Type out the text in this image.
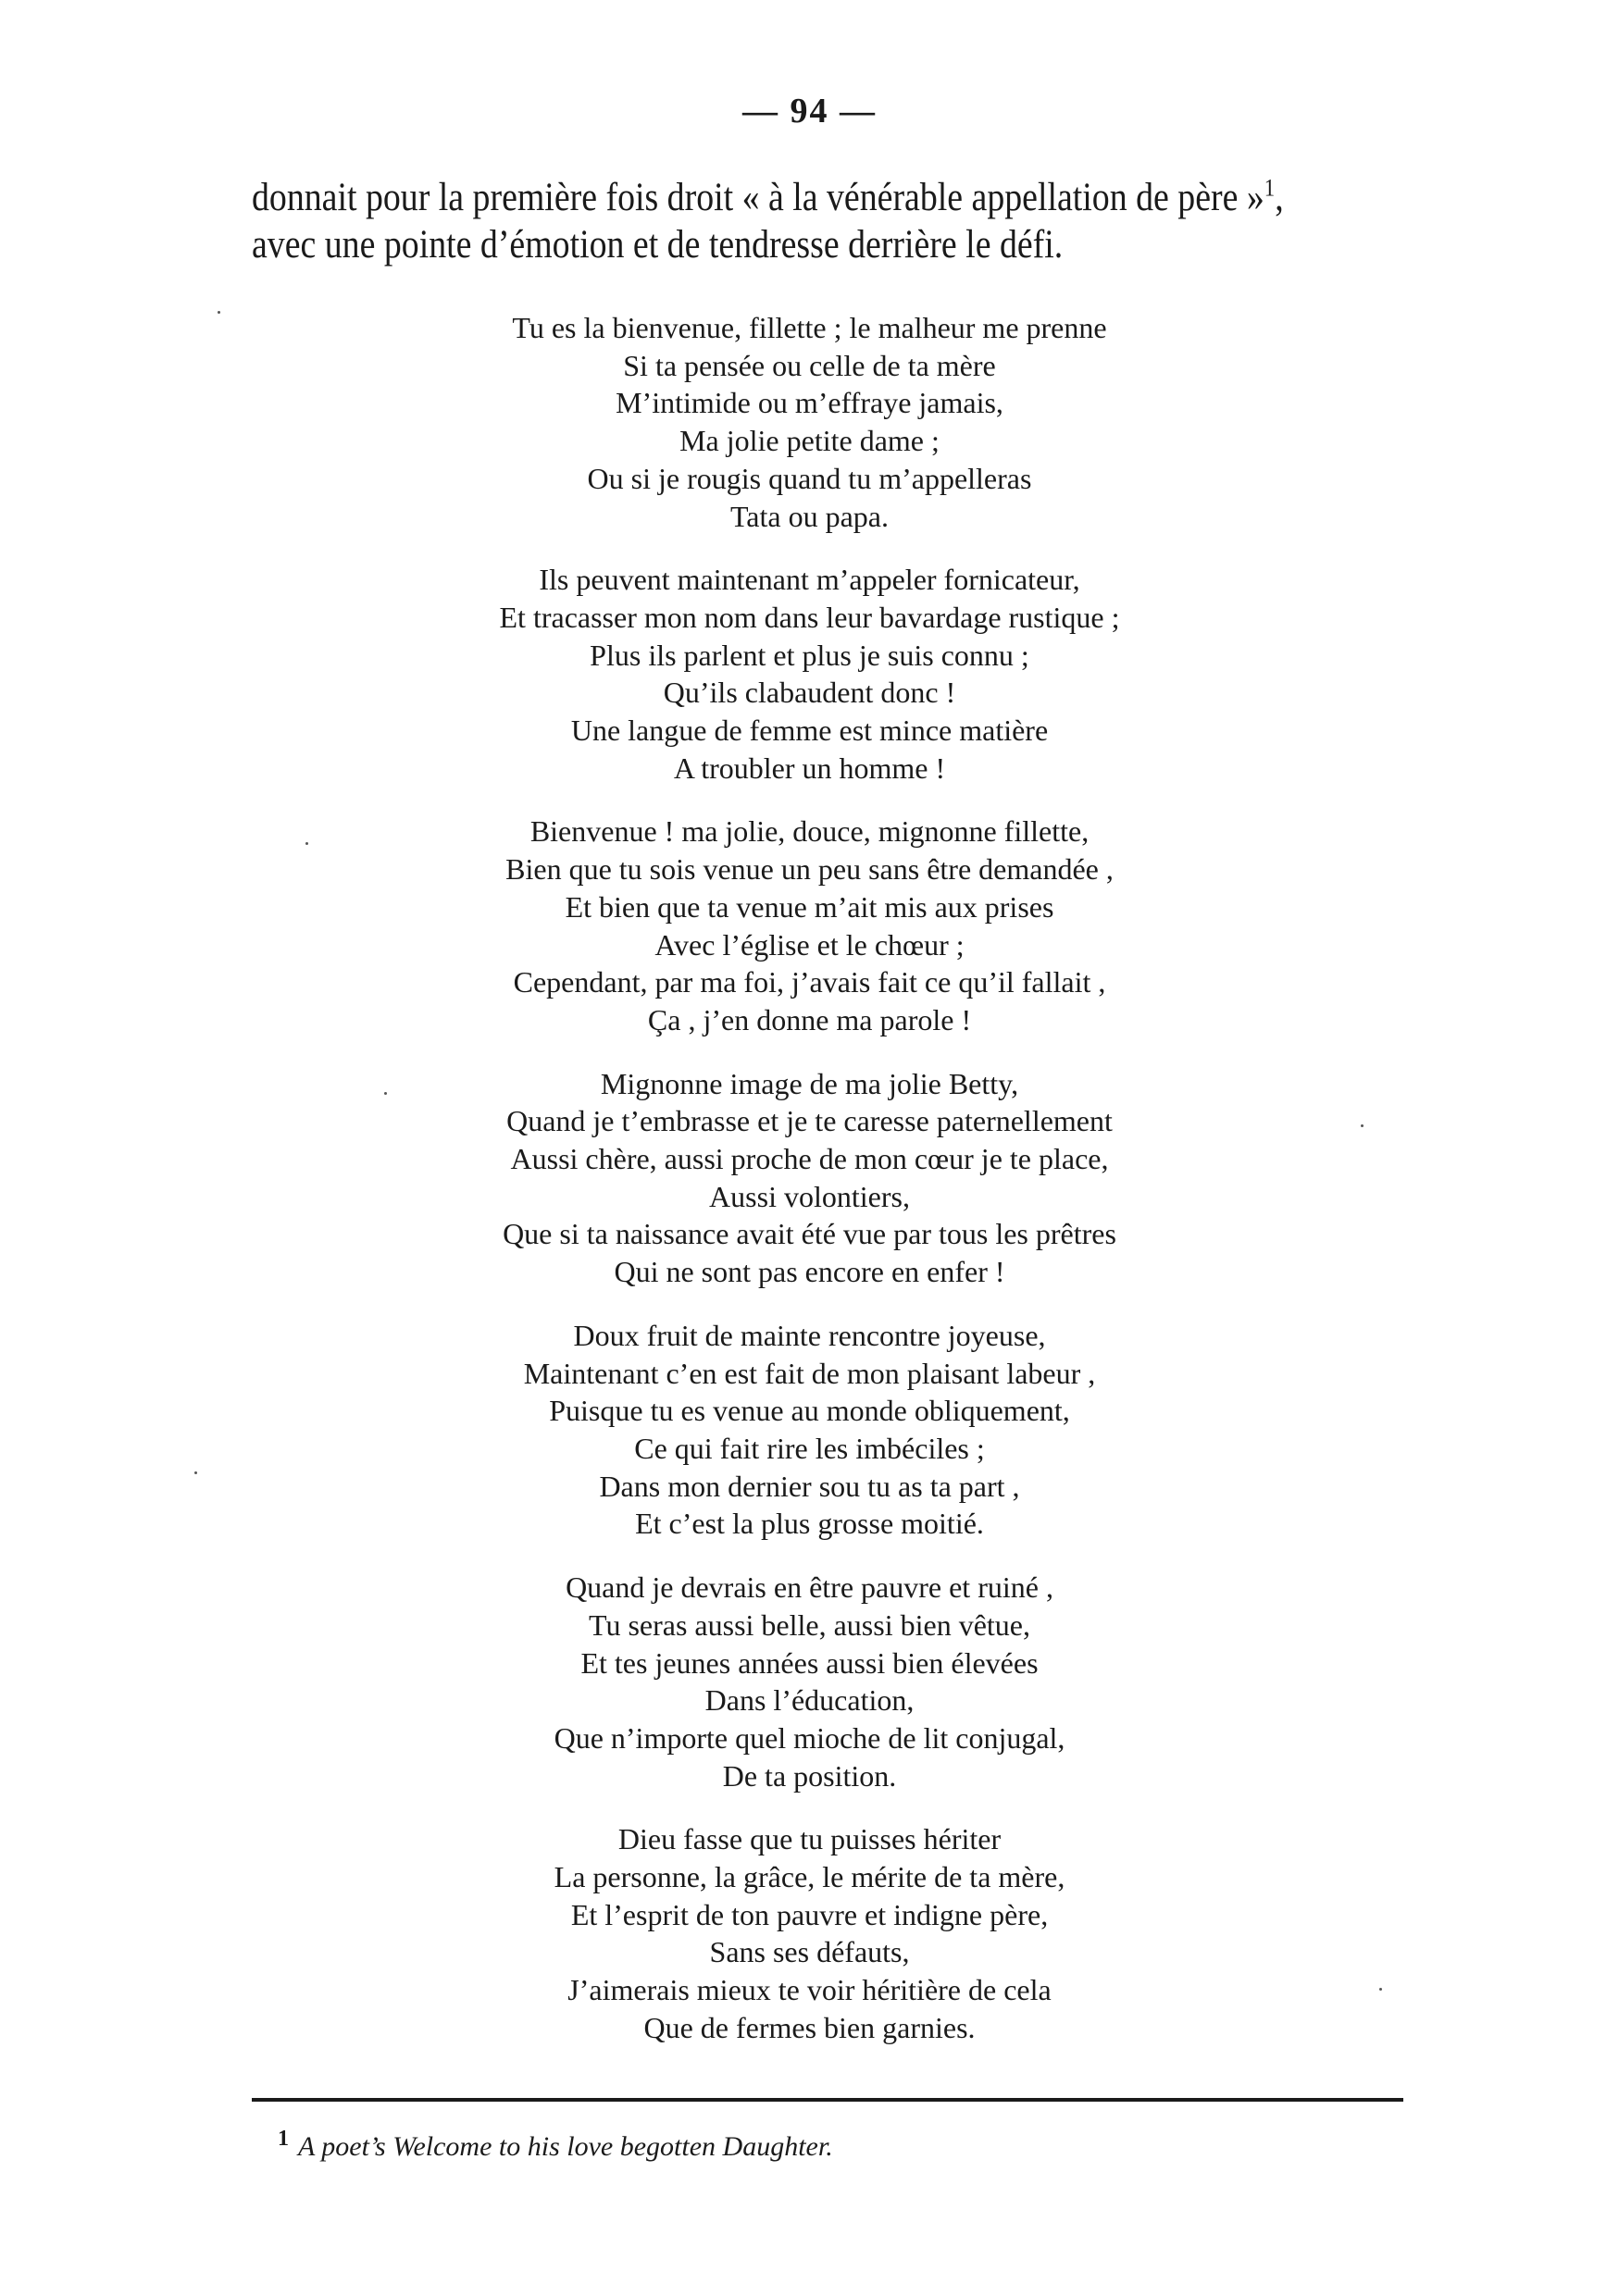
— 94 —
donnait pour la première fois droit « à la vénérable appellation de père »$^1$,
avec une pointe d’émotion et de tendresse derrière le défi.
Tu es la bienvenue, fillette ; le malheur me prenne
Si ta pensée ou celle de ta mère
M’intimide ou m’effraye jamais,
Ma jolie petite dame ;
Ou si je rougis quand tu m’appelleras
Tata ou papa.
Ils peuvent maintenant m’appeler fornicateur,
Et tracasser mon nom dans leur bavardage rustique ;
Plus ils parlent et plus je suis connu ;
Qu’ils clabaudent donc !
Une langue de femme est mince matière
A troubler un homme !
Bienvenue ! ma jolie, douce, mignonne fillette,
Bien que tu sois venue un peu sans être demandée ,
Et bien que ta venue m’ait mis aux prises
Avec l’église et le chœur ;
Cependant, par ma foi, j’avais fait ce qu’il fallait ,
Ça , j’en donne ma parole !
Mignonne image de ma jolie Betty,
Quand je t’embrasse et je te caresse paternellement
Aussi chère, aussi proche de mon cœur je te place,
Aussi volontiers,
Que si ta naissance avait été vue par tous les prêtres
Qui ne sont pas encore en enfer !
Doux fruit de mainte rencontre joyeuse,
Maintenant c’en est fait de mon plaisant labeur ,
Puisque tu es venue au monde obliquement,
Ce qui fait rire les imbéciles ;
Dans mon dernier sou tu as ta part ,
Et c’est la plus grosse moitié.
Quand je devrais en être pauvre et ruiné ,
Tu seras aussi belle, aussi bien vêtue,
Et tes jeunes années aussi bien élevées
Dans l’éducation,
Que n’importe quel mioche de lit conjugal,
De ta position.
Dieu fasse que tu puisses hériter
La personne, la grâce, le mérite de ta mère,
Et l’esprit de ton pauvre et indigne père,
Sans ses défauts,
J’aimerais mieux te voir héritière de cela
Que de fermes bien garnies.
$^1$ A poet’s Welcome to his love begotten Daughter.
